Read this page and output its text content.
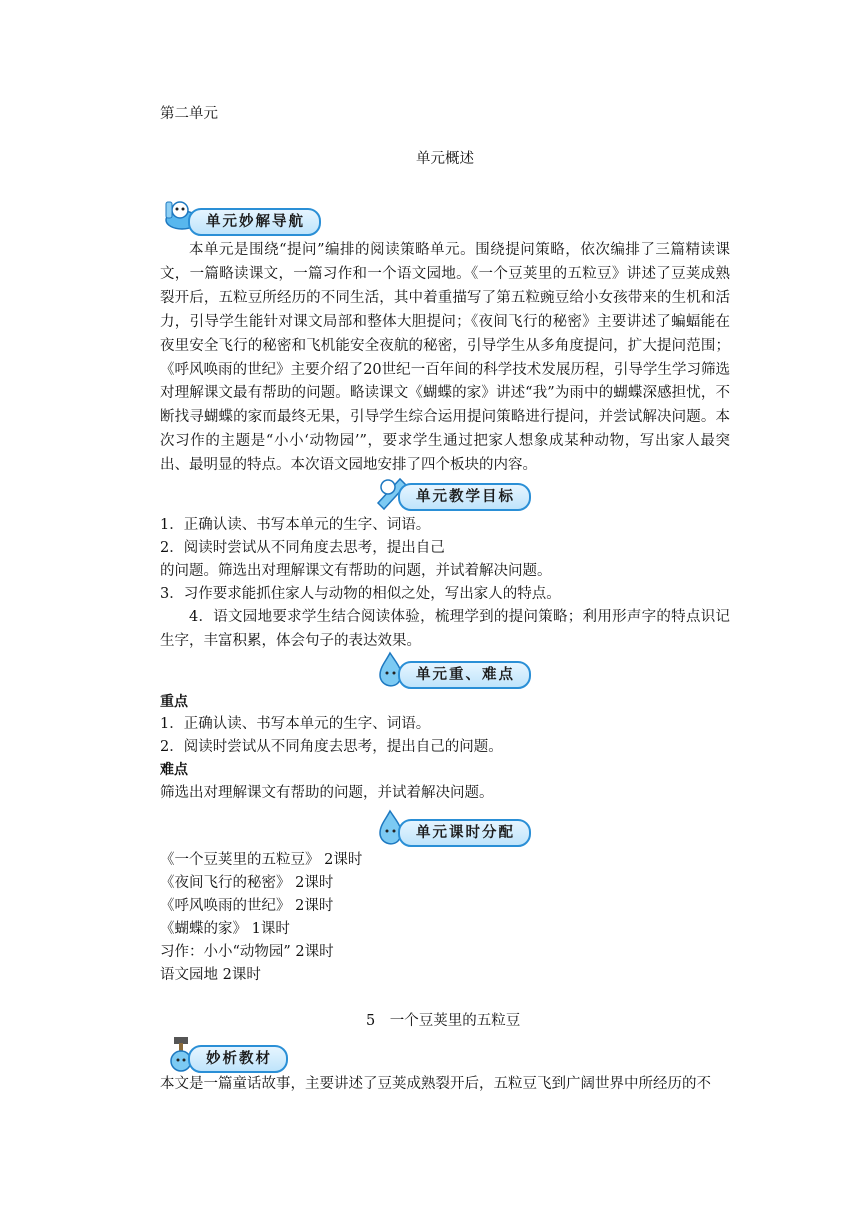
第二单元
单元概述
单元妙解导航
本单元是围绕“提问”编排的阅读策略单元。围绕提问策略，依次编排了三篇精读课文，一篇略读课文，一篇习作和一个语文园地。《一个豆荚里的五粒豆》讲述了豆荚成熟裂开后，五粒豆所经历的不同生活，其中着重描写了第五粒豌豆给小女孩带来的生机和活力，引导学生能针对课文局部和整体大胆提问；《夜间飞行的秘密》主要讲述了蝙蝠能在夜里安全飞行的秘密和飞机能安全夜航的秘密，引导学生从多角度提问，扩大提问范围；《呼风唤雨的世纪》主要介绍了20世纪一百年间的科学技术发展历程，引导学生学习筛选对理解课文最有帮助的问题。略读课文《蝴蝶的家》讲述“我”为雨中的蝴蝶深感担忧，不断找寻蝴蝶的家而最终无果，引导学生综合运用提问策略进行提问，并尝试解决问题。本次习作的主题是“小小‘动物园’”，要求学生通过把家人想象成某种动物，写出家人最突出、最明显的特点。本次语文园地安排了四个板块的内容。
单元教学目标
1．正确认读、书写本单元的生字、词语。
2．阅读时尝试从不同角度去思考，提出自己
的问题。筛选出对理解课文有帮助的问题，并试着解决问题。
3．习作要求能抓住家人与动物的相似之处，写出家人的特点。
4．语文园地要求学生结合阅读体验，梳理学到的提问策略；利用形声字的特点识记生字，丰富积累，体会句子的表达效果。
单元重、难点
重点
1．正确认读、书写本单元的生字、词语。
2．阅读时尝试从不同角度去思考，提出自己的问题。
难点
筛选出对理解课文有帮助的问题，并试着解决问题。
单元课时分配
《一个豆荚里的五粒豆》 2课时
《夜间飞行的秘密》 2课时
《呼风唤雨的世纪》 2课时
《蝴蝶的家》 1课时
习作：小小“动物园” 2课时
语文园地 2课时
5　一个豆荚里的五粒豆
妙析教材
本文是一篇童话故事，主要讲述了豆荚成熟裂开后，五粒豆飞到广阔世界中所经历的不
